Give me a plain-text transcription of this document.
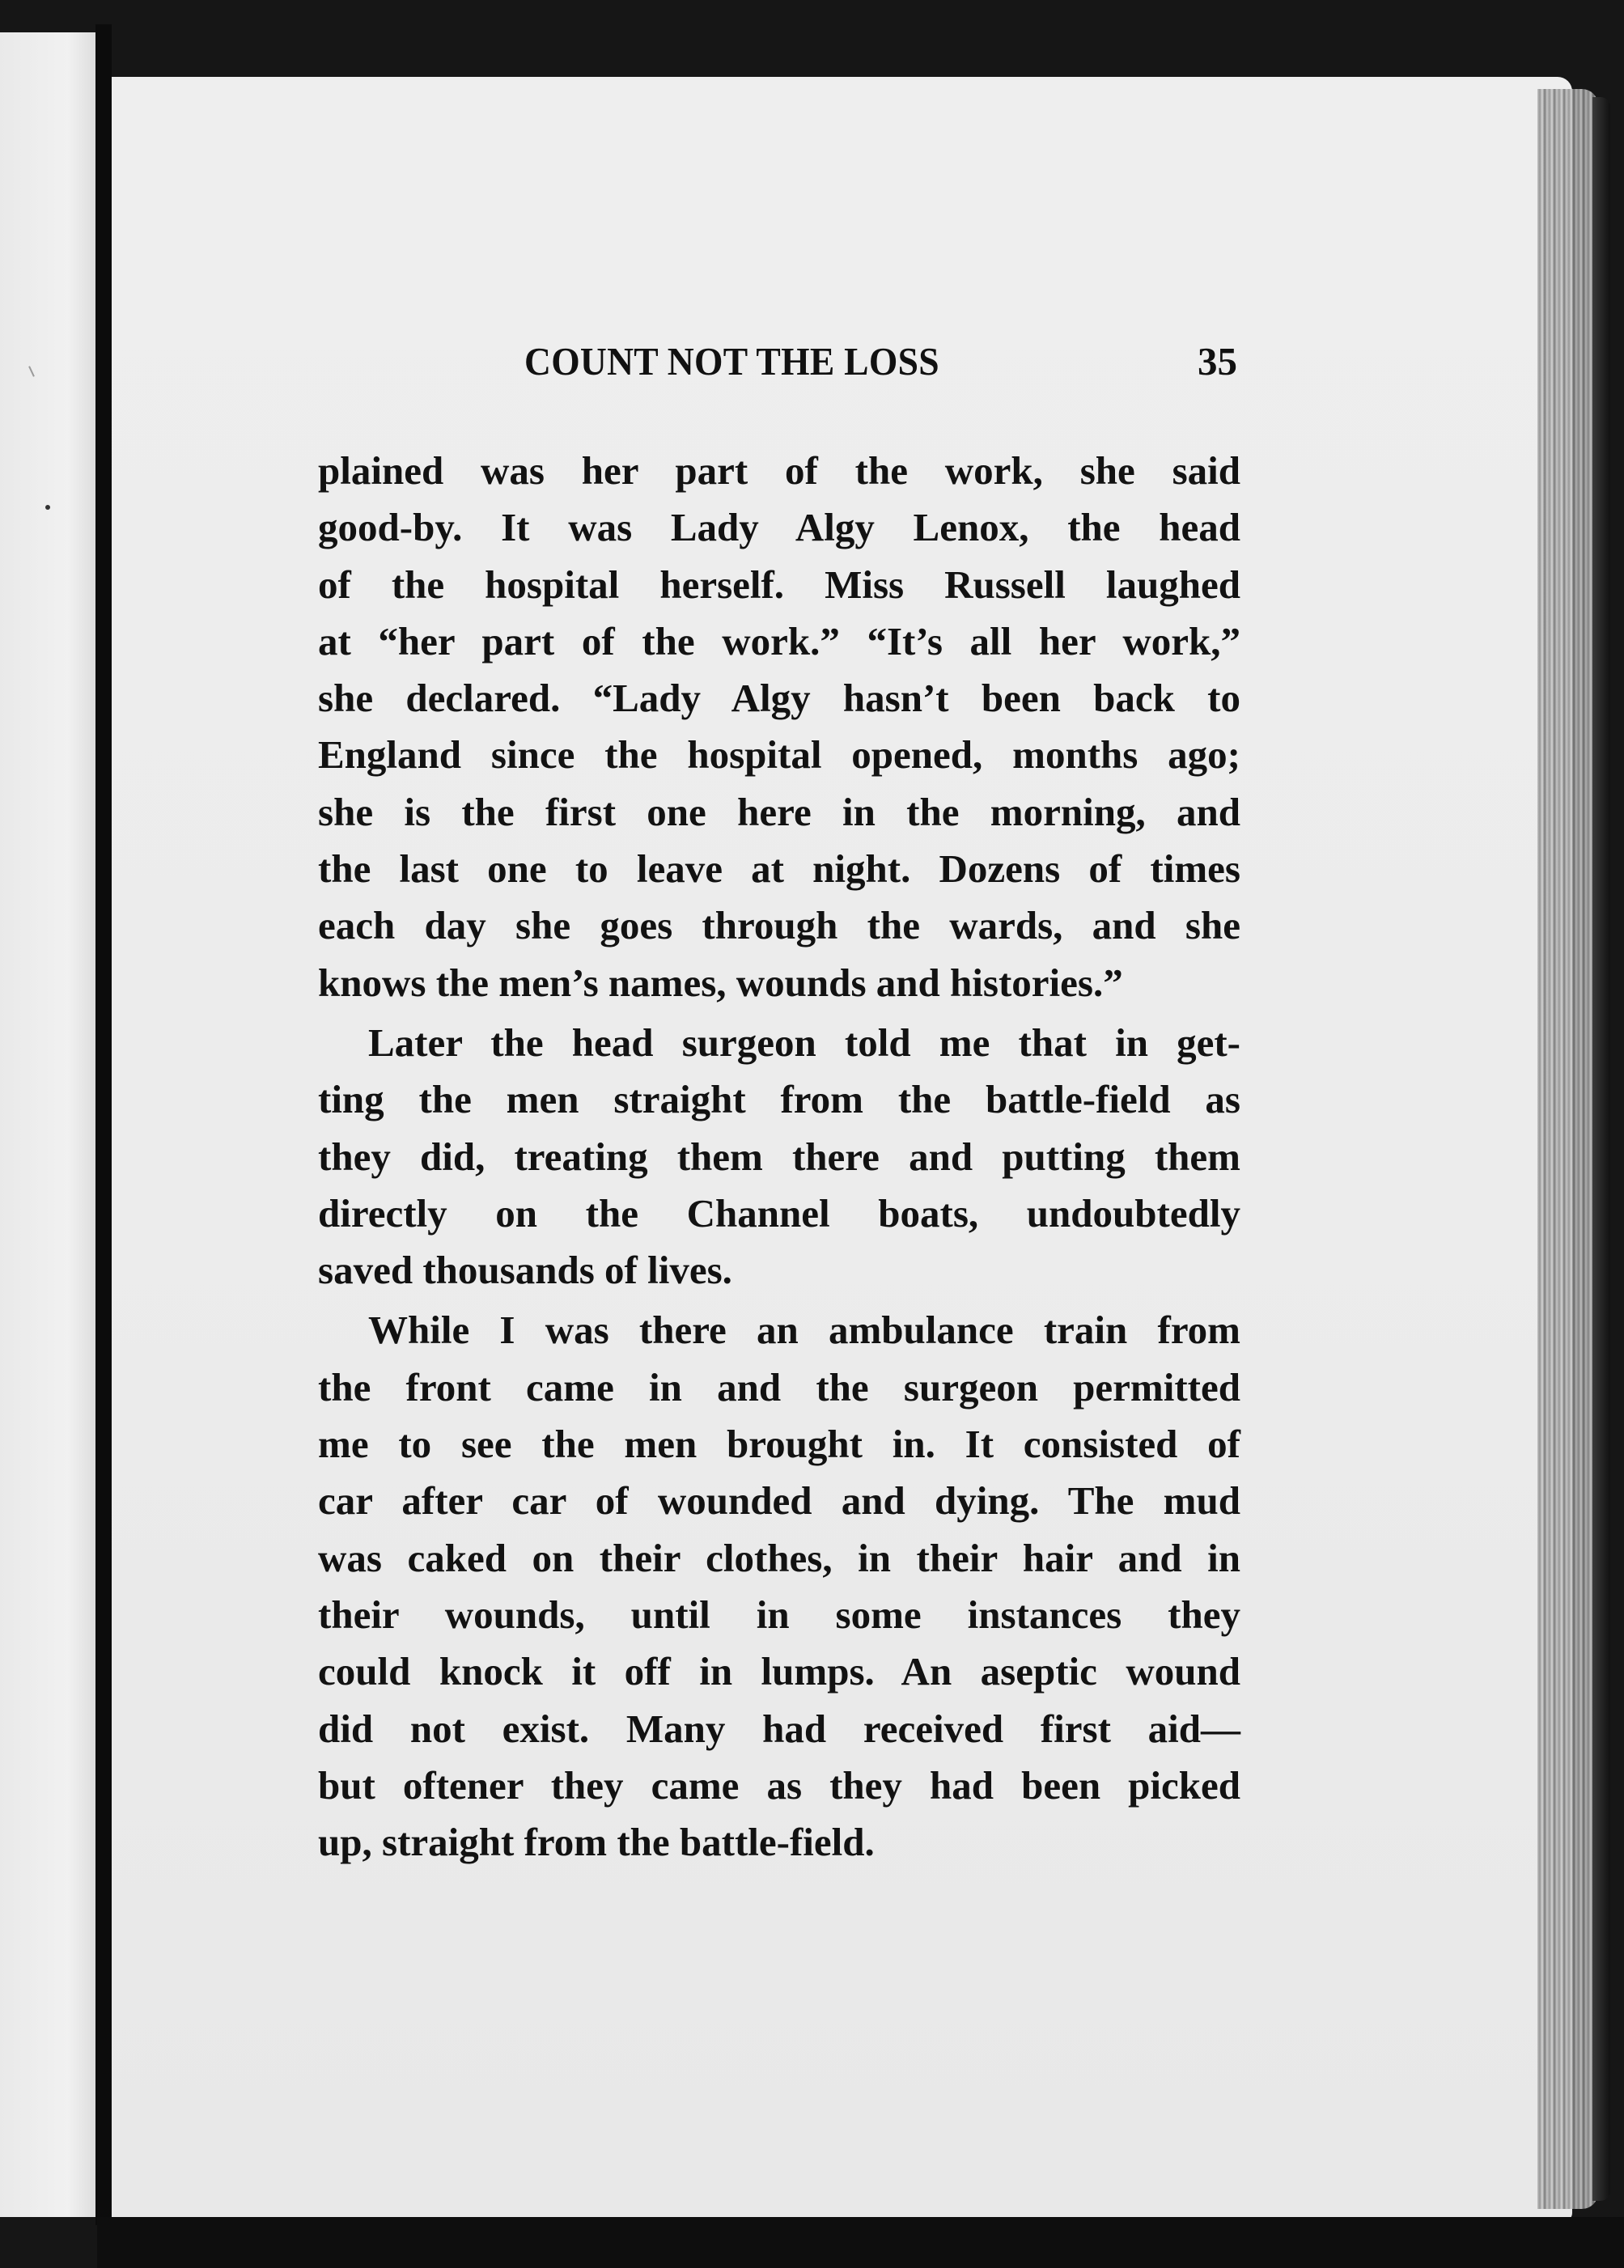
COUNT NOT THE LOSS	35
plained was her part of the work, she said
good-by. It was Lady Algy Lenox, the head
of the hospital herself. Miss Russell laughed
at “her part of the work.” “It’s all her work,”
she declared. “Lady Algy hasn’t been back to
England since the hospital opened, months ago;
she is the first one here in the morning, and
the last one to leave at night. Dozens of times
each day she goes through the wards, and she
knows the men’s names, wounds and histories.”
Later the head surgeon told me that in get-
ting the men straight from the battle-field as
they did, treating them there and putting them
directly on the Channel boats, undoubtedly
saved thousands of lives.
While I was there an ambulance train from
the front came in and the surgeon permitted
me to see the men brought in. It consisted of
car after car of wounded and dying. The mud
was caked on their clothes, in their hair and in
their wounds, until in some instances they
could knock it off in lumps. An aseptic wound
did not exist. Many had received first aid—
but oftener they came as they had been picked
up, straight from the battle-field.
